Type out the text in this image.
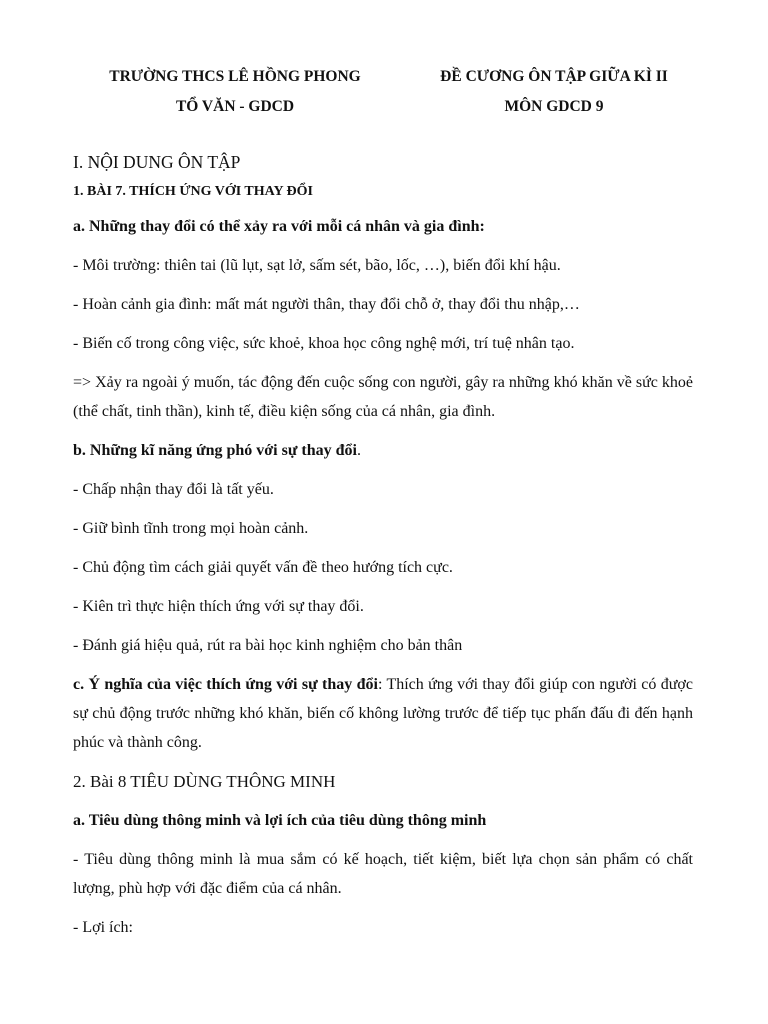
TRƯỜNG THCS LÊ HỒNG PHONG
TỔ VĂN - GDCD
ĐỀ CƯƠNG ÔN TẬP GIỮA KÌ II
MÔN GDCD 9
I. NỘI DUNG ÔN TẬP
1. BÀI 7. THÍCH ỨNG VỚI THAY ĐỔI
a. Những thay đổi có thể xảy ra với mỗi cá nhân và gia đình:
- Môi trường: thiên tai (lũ lụt, sạt lở, sấm sét, bão, lốc, …), biến đổi khí hậu.
- Hoàn cảnh gia đình: mất mát người thân, thay đổi chỗ ở, thay đổi thu nhập,…
- Biến cố trong công việc, sức khoẻ, khoa học công nghệ mới, trí tuệ nhân tạo.
=> Xảy ra ngoài ý muốn, tác động đến cuộc sống con người, gây ra những khó khăn về sức khoẻ (thể chất, tinh thần), kinh tế, điều kiện sống của cá nhân, gia đình.
b. Những kĩ năng ứng phó với sự thay đổi.
- Chấp nhận thay đổi là tất yếu.
- Giữ bình tĩnh trong mọi hoàn cảnh.
- Chủ động tìm cách giải quyết vấn đề theo hướng tích cực.
- Kiên trì thực hiện thích ứng với sự thay đổi.
- Đánh giá hiệu quả, rút ra bài học kinh nghiệm cho bản thân
c. Ý nghĩa của việc thích ứng với sự thay đổi: Thích ứng với thay đổi giúp con người có được sự chủ động trước những khó khăn, biến cố không lường trước để tiếp tục phấn đấu đi đến hạnh phúc và thành công.
2. Bài 8 TIÊU DÙNG THÔNG MINH
a. Tiêu dùng thông minh và lợi ích của tiêu dùng thông minh
- Tiêu dùng thông minh là mua sắm có kế hoạch, tiết kiệm, biết lựa chọn sản phẩm có chất lượng, phù hợp với đặc điểm của cá nhân.
- Lợi ích:
